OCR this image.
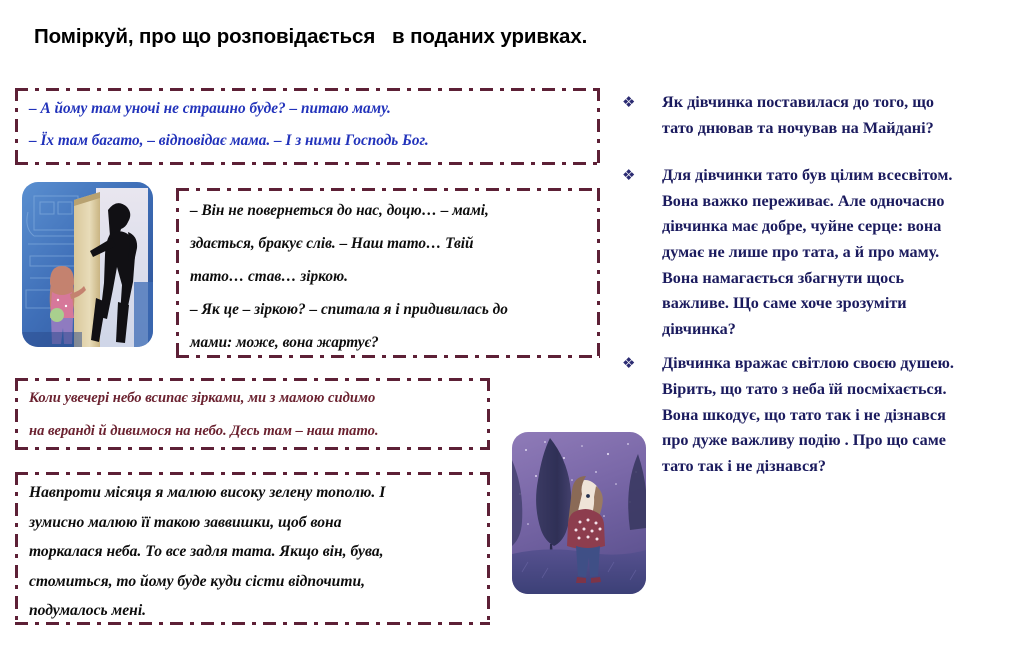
Поміркуй, про що розповідається   в поданих уривках.

– А йому там уночі не страшно буде? – питаю маму.

– Їх там багато, – відповідає мама. – І з ними Господь Бог.

– Він не повернеться до нас, доцю… – мамі,

здається, бракує слів. – Наш тато… Твій

тато… став… зіркою.

– Як це – зіркою? – спитала я і придивилась до

мами: може, вона жартує?

Коли увечері небо всипає зірками, ми з мамою сидимо

на веранді й дивимося на небо. Десь там – наш тато.

Навпроти місяця я малюю високу зелену тополю. І

зумисно малюю її такою заввишки, щоб вона

торкалася неба. То все задля тата. Якщо він, бува,

стомиться, то йому буде куди сісти відпочити,

подумалось мені.

❖ Як дівчинка поставилася до того, що
тато днював та ночував на Майдані?
❖ Для дівчинки тато був цілим всесвітом.
Вона важко переживає. Але одночасно
дівчинка має добре, чуйне серце: вона
думає не лише про тата, а й про маму.
Вона намагається збагнути щось
важливе. Що саме хоче зрозуміти
дівчинка?
❖ Дівчинка вражає світлою своєю душею.
Вірить, що тато з неба їй посміхається.
Вона шкодує, що тато так і не дізнався
про дуже важливу подію . Про що саме
тато так і не дізнався?
